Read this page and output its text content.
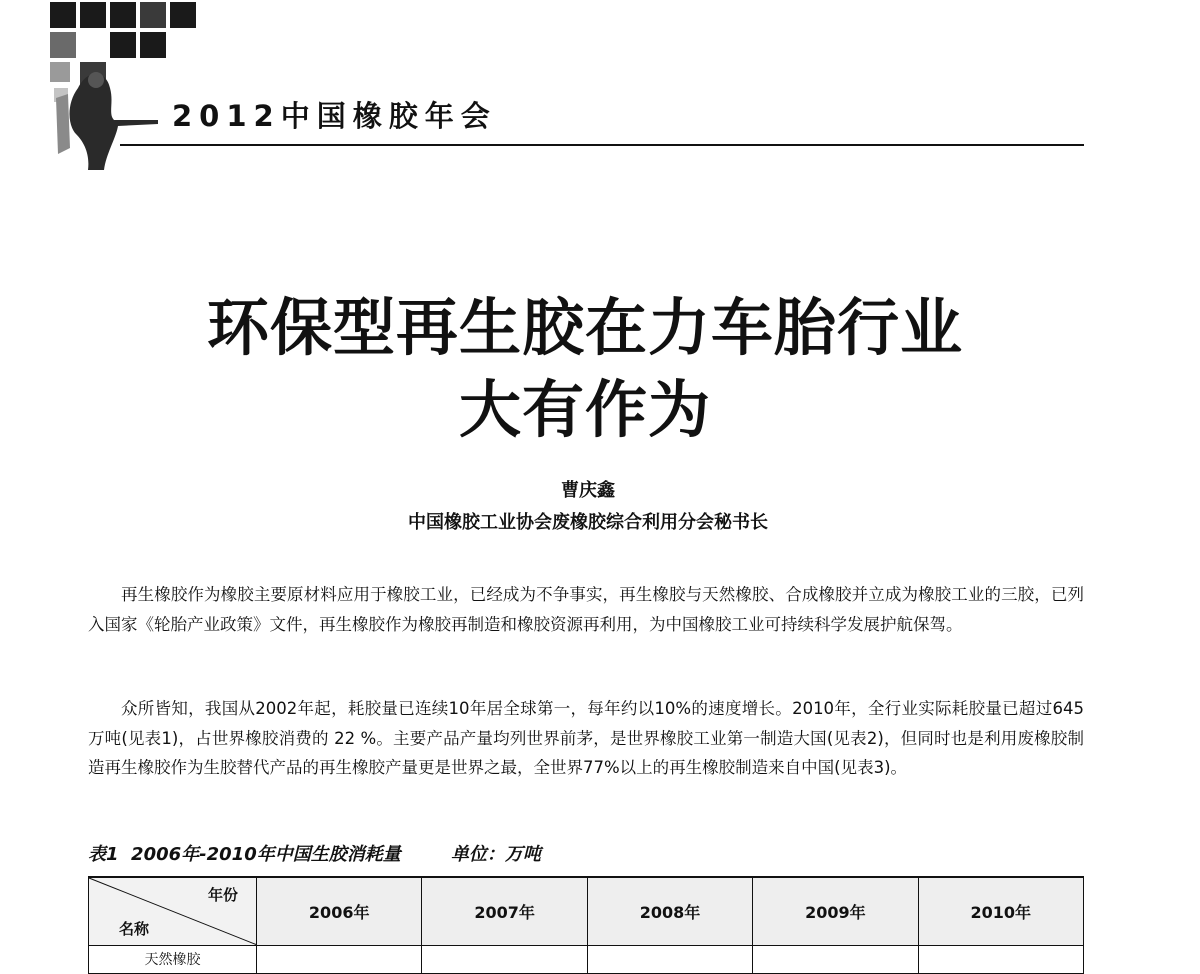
2012中国橡胶年会
环保型再生胶在力车胎行业
大有作为
曹庆鑫
中国橡胶工业协会废橡胶综合利用分会秘书长

再生橡胶作为橡胶主要原材料应用于橡胶工业，已经成为不争事实，再生橡胶与天然橡胶、合成橡胶并立成为橡胶工业的三胶，已列入国家《轮胎产业政策》文件，再生橡胶作为橡胶再制造和橡胶资源再利用，为中国橡胶工业可持续科学发展护航保驾。

众所皆知，我国从2002年起，耗胶量已连续10年居全球第一，每年约以10%的速度增长。2010年，全行业实际耗胶量已超过645万吨(见表1)，占世界橡胶消费的 22 %。主要产品产量均列世界前茅，是世界橡胶工业第一制造大国(见表2)，但同时也是利用废橡胶制造再生橡胶作为生胶替代产品的再生橡胶产量更是世界之最，全世界77%以上的再生橡胶制造来自中国(见表3)。

表1  2006年-2010年中国生胶消耗量	单位：万吨
年份
名称	2006年	2007年	2008年	2009年	2010年
天然橡胶					
